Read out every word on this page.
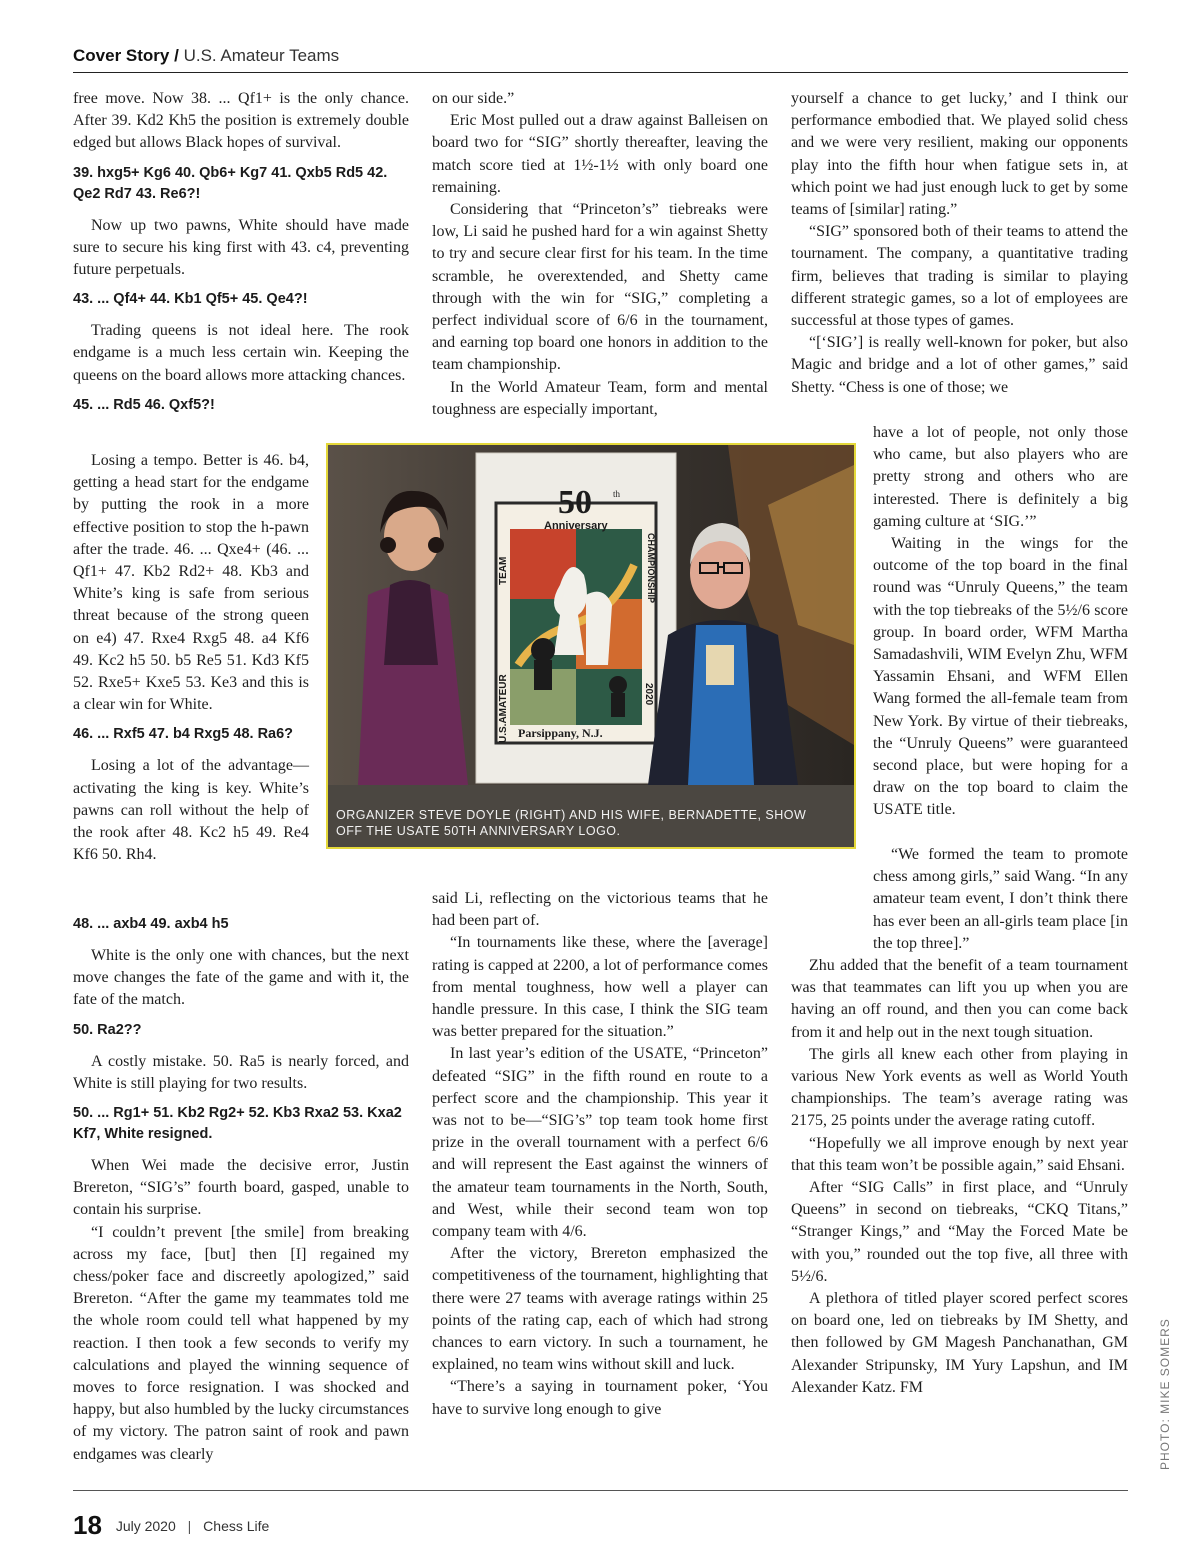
Cover Story / U.S. Amateur Teams

free move. Now 38. ... Qf1+ is the only chance. After 39. Kd2 Kh5 the position is extremely double edged but allows Black hopes of survival.

39. hxg5+ Kg6 40. Qb6+ Kg7 41. Qxb5 Rd5 42. Qe2 Rd7 43. Re6?!

Now up two pawns, White should have made sure to secure his king first with 43. c4, preventing future perpetuals.

43. ... Qf4+ 44. Kb1 Qf5+ 45. Qe4?!

Trading queens is not ideal here. The rook endgame is a much less certain win. Keeping the queens on the board allows more attacking chances.

45. ... Rd5 46. Qxf5?!

Losing a tempo. Better is 46. b4, getting a head start for the endgame by putting the rook in a more effective position to stop the h-pawn after the trade. 46. ... Qxe4+ (46. ... Qf1+ 47. Kb2 Rd2+ 48. Kb3 and White’s king is safe from serious threat because of the strong queen on e4) 47. Rxe4 Rxg5 48. a4 Kf6 49. Kc2 h5 50. b5 Re5 51. Kd3 Kf5 52. Rxe5+ Kxe5 53. Ke3 and this is a clear win for White.

46. ... Rxf5 47. b4 Rxg5 48. Ra6?

Losing a lot of the advantage—activating the king is key. White’s pawns can roll without the help of the rook after 48. Kc2 h5 49. Re4 Kf6 50. Rh4.

48. ... axb4 49. axb4 h5

White is the only one with chances, but the next move changes the fate of the game and with it, the fate of the match.

50. Ra2??

A costly mistake. 50. Ra5 is nearly forced, and White is still playing for two results.

50. ... Rg1+ 51. Kb2 Rg2+ 52. Kb3 Rxa2 53. Kxa2 Kf7, White resigned.

When Wei made the decisive error, Justin Brereton, “SIG’s” fourth board, gasped, unable to contain his surprise.

“I couldn’t prevent [the smile] from breaking across my face, [but] then [I] regained my chess/poker face and discreetly apologized,” said Brereton. “After the game my teammates told me the whole room could tell what happened by my reaction. I then took a few seconds to verify my calculations and played the winning sequence of moves to force resignation. I was shocked and happy, but also humbled by the lucky circumstances of my victory. The patron saint of rook and pawn endgames was clearly

on our side.”

Eric Most pulled out a draw against Balleisen on board two for “SIG” shortly thereafter, leaving the match score tied at 1½-1½ with only board one remaining.

Considering that “Princeton’s” tiebreaks were low, Li said he pushed hard for a win against Shetty to try and secure clear first for his team. In the time scramble, he overextended, and Shetty came through with the win for “SIG,” completing a perfect individual score of 6/6 in the tournament, and earning top board one honors in addition to the team championship.

In the World Amateur Team, form and mental toughness are especially important,

said Li, reflecting on the victorious teams that he had been part of.

“In tournaments like these, where the [average] rating is capped at 2200, a lot of performance comes from mental toughness, how well a player can handle pressure. In this case, I think the SIG team was better prepared for the situation.”

In last year’s edition of the USATE, “Princeton” defeated “SIG” in the fifth round en route to a perfect score and the championship. This year it was not to be—“SIG’s” top team took home first prize in the overall tournament with a perfect 6/6 and will represent the East against the winners of the amateur team tournaments in the North, South, and West, while their second team won top company team with 4/6.

After the victory, Brereton emphasized the competitiveness of the tournament, highlighting that there were 27 teams with average ratings within 25 points of the rating cap, each of which had strong chances to earn victory. In such a tournament, he explained, no team wins without skill and luck.

“There’s a saying in tournament poker, ‘You have to survive long enough to give

yourself a chance to get lucky,’ and I think our performance embodied that. We played solid chess and we were very resilient, making our opponents play into the fifth hour when fatigue sets in, at which point we had just enough luck to get by some teams of [similar] rating.”

“SIG” sponsored both of their teams to attend the tournament. The company, a quantitative trading firm, believes that trading is similar to playing different strategic games, so a lot of employees are successful at those types of games.

“[‘SIG’] is really well-known for poker, but also Magic and bridge and a lot of other games,” said Shetty. “Chess is one of those; we

have a lot of people, not only those who came, but also players who are pretty strong and others who are interested. There is definitely a big gaming culture at ‘SIG.’”

Waiting in the wings for the outcome of the top board in the final round was “Unruly Queens,” the team with the top tiebreaks of the 5½/6 score group. In board order, WFM Martha Samadashvili, WIM Evelyn Zhu, WFM Yassamin Ehsani, and WFM Ellen Wang formed the all-female team from New York. By virtue of their tiebreaks, the “Unruly Queens” were guaranteed second place, but were hoping for a draw on the top board to claim the USATE title.

“We formed the team to promote chess among girls,” said Wang. “In any amateur team event, I don’t think there has ever been an all-girls team place [in the top three].”

Zhu added that the benefit of a team tournament was that teammates can lift you up when you are having an off round, and then you can come back from it and help out in the next tough situation.

The girls all knew each other from playing in various New York events as well as World Youth championships. The team’s average rating was 2175, 25 points under the average rating cutoff.

“Hopefully we all improve enough by next year that this team won’t be possible again,” said Ehsani.

After “SIG Calls” in first place, and “Unruly Queens” in second on tiebreaks, “CKQ Titans,” “Stranger Kings,” and “May the Forced Mate be with you,” rounded out the top five, all three with 5½/6.

A plethora of titled player scored perfect scores on board one, led on tiebreaks by IM Shetty, and then followed by GM Magesh Panchanathan, GM Alexander Stripunsky, IM Yury Lapshun, and IM Alexander Katz. FM

50 th
Anniversary
TEAM	CHAMPIONSHIP
U.S.AMATEUR	2020
Parsippany, N.J.
ORGANIZER STEVE DOYLE (RIGHT) AND HIS WIFE, BERNADETTE, SHOW OFF THE USATE 50TH ANNIVERSARY LOGO.
PHOTO: MIKE SOMERS
18 July 2020 | Chess Life
